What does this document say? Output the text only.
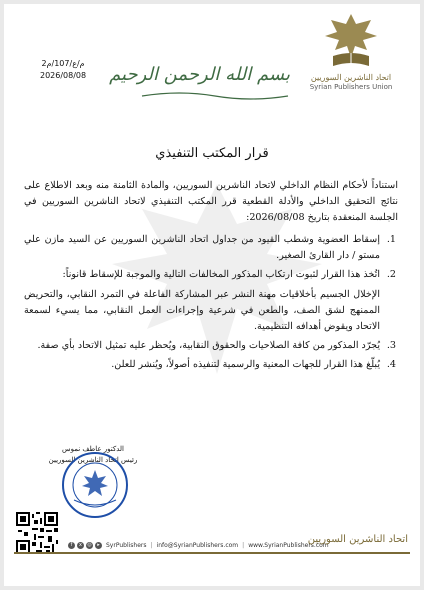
م/ع/107/م2
2026/08/08 بسم الله الرحمن الرحيم	اتحاد الناشرين السوريين
Syrian Publishers Union
قرار المكتب التنفيذي

استناداً لأحكام النظام الداخلي لاتحاد الناشرين السوريين، والمادة الثامنة منه وبعد الاطلاع على نتائج التحقيق الداخلي والأدلة القطعية قرر المكتب التنفيذي لاتحاد الناشرين السوريين في الجلسة المنعقدة بتاريخ 2026/08/08:

1.

إسقاط العضوية وشطب القيود من جداول اتحاد الناشرين السوريين عن السيد مازن علي مستو / دار القارئ الصغير.

2.

اتُخذ هذا القرار لثبوت ارتكاب المذكور المخالفات التالية والموجبة للإسقاط قانوناً:

الإخلال الجسيم بأخلاقيات مهنة النشر عبر المشاركة الفاعلة في التمرد النقابي، والتحريض الممنهج لشق الصف، والطعن في شرعية وإجراءات العمل النقابي، مما يسيء لسمعة الاتحاد ويقوض أهدافه التنظيمية.

3.

يُجرّد المذكور من كافة الصلاحيات والحقوق النقابية، ويُحظر عليه تمثيل الاتحاد بأي صفة.

4.

يُبلّغ هذا القرار للجهات المعنية والرسمية لتنفيذه أصولاً، ويُنشر للعلن.

الدكتور عاطف نموس
رئيس اتحاد الناشرين السوريين
f	x	◎	▸	SyrPublishers | info@SyrianPublishers.com | www.SyrianPublishers.com
اتحاد الناشرين السوريين
